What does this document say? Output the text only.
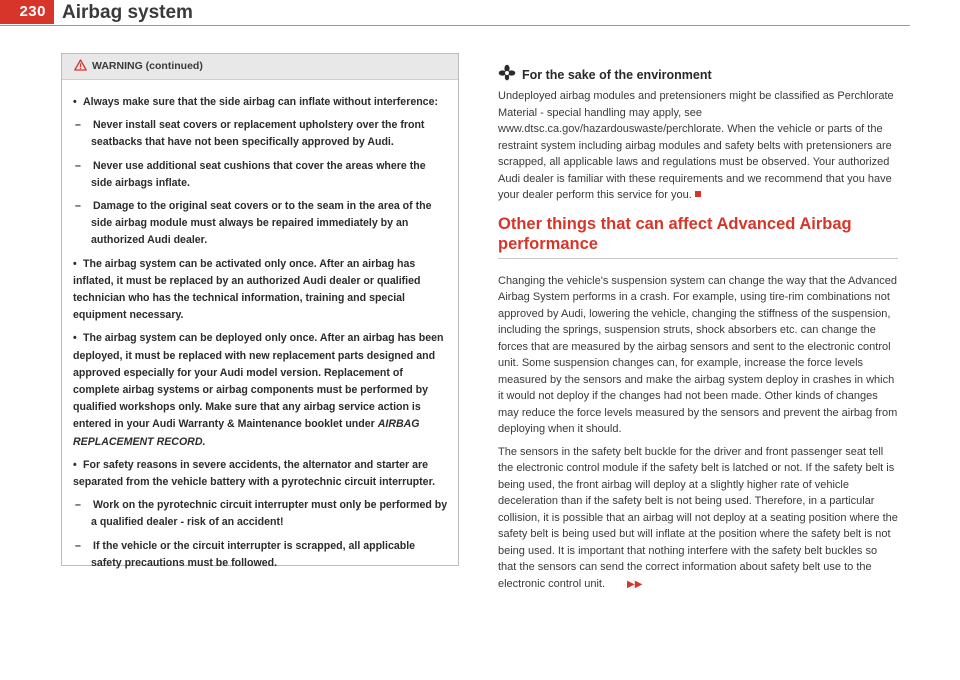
230 Airbag system
WARNING (continued)

• Always make sure that the side airbag can inflate without interference:

– Never install seat covers or replacement upholstery over the front seatbacks that have not been specifically approved by Audi.

– Never use additional seat cushions that cover the areas where the side airbags inflate.

– Damage to the original seat covers or to the seam in the area of the side airbag module must always be repaired immediately by an authorized Audi dealer.

• The airbag system can be activated only once. After an airbag has inflated, it must be replaced by an authorized Audi dealer or qualified technician who has the technical information, training and special equipment necessary.

• The airbag system can be deployed only once. After an airbag has been deployed, it must be replaced with new replacement parts designed and approved especially for your Audi model version. Replacement of complete airbag systems or airbag components must be performed by qualified workshops only. Make sure that any airbag service action is entered in your Audi Warranty & Maintenance booklet under AIRBAG REPLACEMENT RECORD.

• For safety reasons in severe accidents, the alternator and starter are separated from the vehicle battery with a pyrotechnic circuit interrupter.

– Work on the pyrotechnic circuit interrupter must only be performed by a qualified dealer - risk of an accident!

– If the vehicle or the circuit interrupter is scrapped, all applicable safety precautions must be followed.

For the sake of the environment

Undeployed airbag modules and pretensioners might be classified as Perchlorate Material - special handling may apply, see www.dtsc.ca.gov/hazardouswaste/perchlorate. When the vehicle or parts of the restraint system including airbag modules and safety belts with pretensioners are scrapped, all applicable laws and regulations must be observed. Your authorized Audi dealer is familiar with these requirements and we recommend that you have your dealer perform this service for you.

Other things that can affect Advanced Airbag performance

Changing the vehicle's suspension system can change the way that the Advanced Airbag System performs in a crash. For example, using tire-rim combinations not approved by Audi, lowering the vehicle, changing the stiffness of the suspension, including the springs, suspension struts, shock absorbers etc. can change the forces that are measured by the airbag sensors and sent to the electronic control unit. Some suspension changes can, for example, increase the force levels measured by the sensors and make the airbag system deploy in crashes in which it would not deploy if the changes had not been made. Other kinds of changes may reduce the force levels measured by the sensors and prevent the airbag from deploying when it should.

The sensors in the safety belt buckle for the driver and front passenger seat tell the electronic control module if the safety belt is latched or not. If the safety belt is being used, the front airbag will deploy at a slightly higher rate of vehicle deceleration than if the safety belt is not being used. Therefore, in a particular collision, it is possible that an airbag will not deploy at a seating position where the safety belt is being used but will inflate at the position where the safety belt is not being used. It is important that nothing interfere with the safety belt buckles so that the sensors can send the correct information about safety belt use to the electronic control unit. ▶▶
